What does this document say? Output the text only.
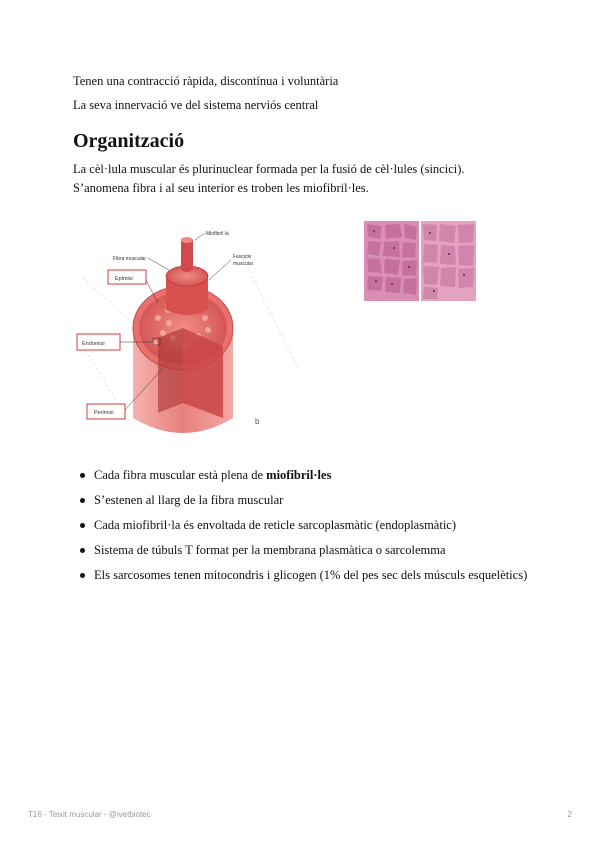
Tenen una contracció ràpida, discontínua i voluntària

La seva innervació ve del sistema nerviós central

Organització

La cèl·lula muscular és plurinuclear formada per la fusió de cèl·lules (sincici). S’anomena fibra i al seu interior es troben les miofibril·les.

Miofibril·la
Fibra muscular	Fascicle
muscular
Epimisi
Endomisi
Perimisi
b
Cada fibra muscular està plena de miofibril·les
S’estenen al llarg de la fibra muscular
Cada miofibril·la és envoltada de reticle sarcoplasmàtic (endoplasmàtic)
Sistema de túbuls T format per la membrana plasmàtica o sarcolemma
Els sarcosomes tenen mitocondris i glicogen (1% del pes sec dels músculs esquelètics)
T16 - Teixit muscular - @ivetbiotec	2
